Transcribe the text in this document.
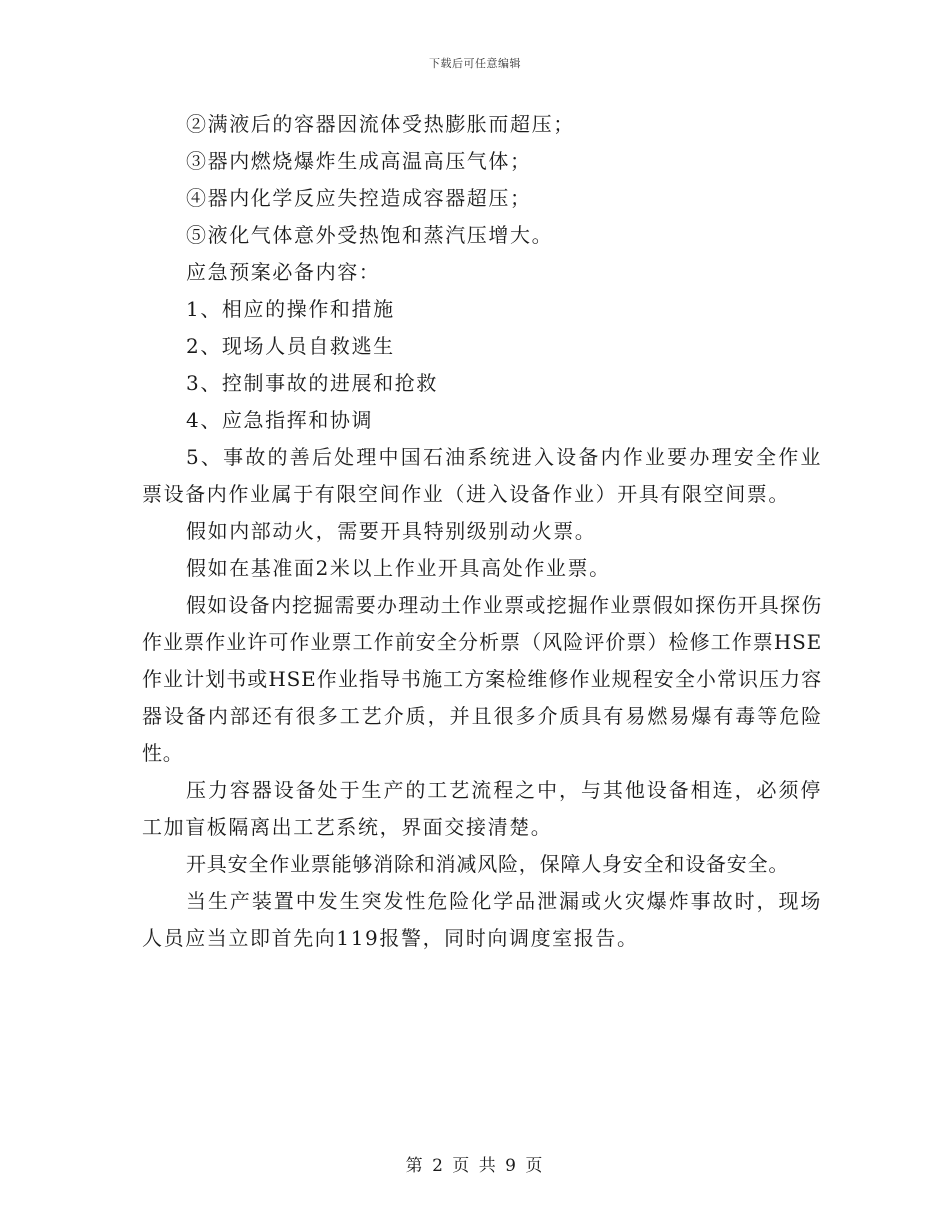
下载后可任意编辑

②满液后的容器因流体受热膨胀而超压；

③器内燃烧爆炸生成高温高压气体；

④器内化学反应失控造成容器超压；

⑤液化气体意外受热饱和蒸汽压增大。

应急预案必备内容：

1、相应的操作和措施

2、现场人员自救逃生

3、控制事故的进展和抢救

4、应急指挥和协调

5、事故的善后处理中国石油系统进入设备内作业要办理安全作业票设备内作业属于有限空间作业（进入设备作业）开具有限空间票。

假如内部动火，需要开具特别级别动火票。

假如在基准面2米以上作业开具高处作业票。

假如设备内挖掘需要办理动土作业票或挖掘作业票假如探伤开具探伤作业票作业许可作业票工作前安全分析票（风险评价票）检修工作票HSE作业计划书或HSE作业指导书施工方案检维修作业规程安全小常识压力容器设备内部还有很多工艺介质，并且很多介质具有易燃易爆有毒等危险性。

压力容器设备处于生产的工艺流程之中，与其他设备相连，必须停工加盲板隔离出工艺系统，界面交接清楚。

开具安全作业票能够消除和消减风险，保障人身安全和设备安全。

当生产装置中发生突发性危险化学品泄漏或火灾爆炸事故时，现场人员应当立即首先向119报警，同时向调度室报告。

第 2 页 共 9 页
